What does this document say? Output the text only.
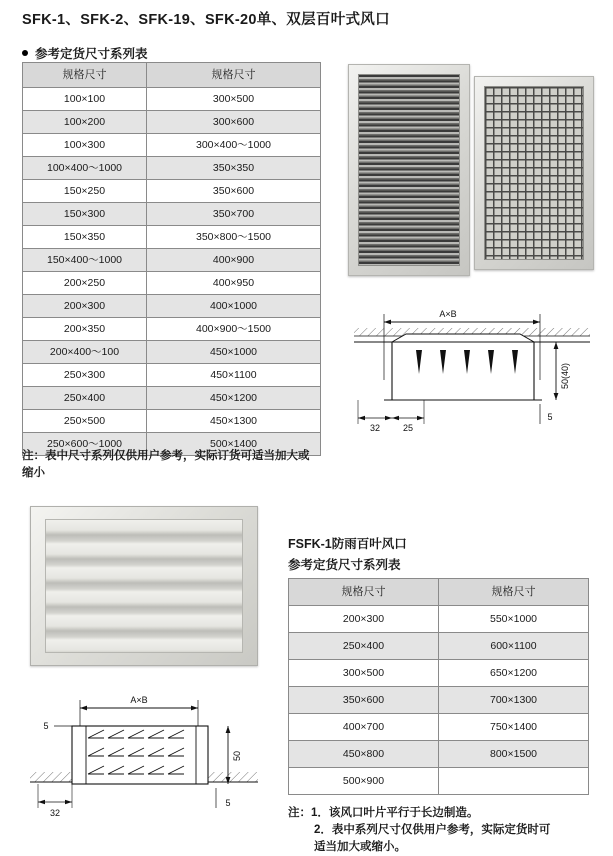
SFK-1、SFK-2、SFK-19、SFK-20单、双层百叶式风口
参考定货尺寸系列表
规格尺寸	规格尺寸
100×100	300×500
100×200	300×600
100×300	300×400～1000
100×400～1000	350×350
150×250	350×600
150×300	350×700
150×350	350×800～1500
150×400～1000	400×900
200×250	400×950
200×300	400×1000
200×350	400×900～1500
200×400～100	450×1000
250×300	450×1100
250×400	450×1200
250×500	450×1300
250×600～1000	500×1400
注：表中尺寸系列仅供用户参考，实际订货可适当加大或缩小
A×B
50(40)
32	25
5
FSFK-1防雨百叶风口
参考定货尺寸系列表
规格尺寸	规格尺寸
200×300	550×1000
250×400	600×1100
300×500	650×1200
350×600	700×1300
400×700	750×1400
450×800	800×1500
500×900	
注：1．该风口叶片平行于长边制造。
2．表中系列尺寸仅供用户参考，实际定货时可
适当加大或缩小。
A×B
5
50
5
32
